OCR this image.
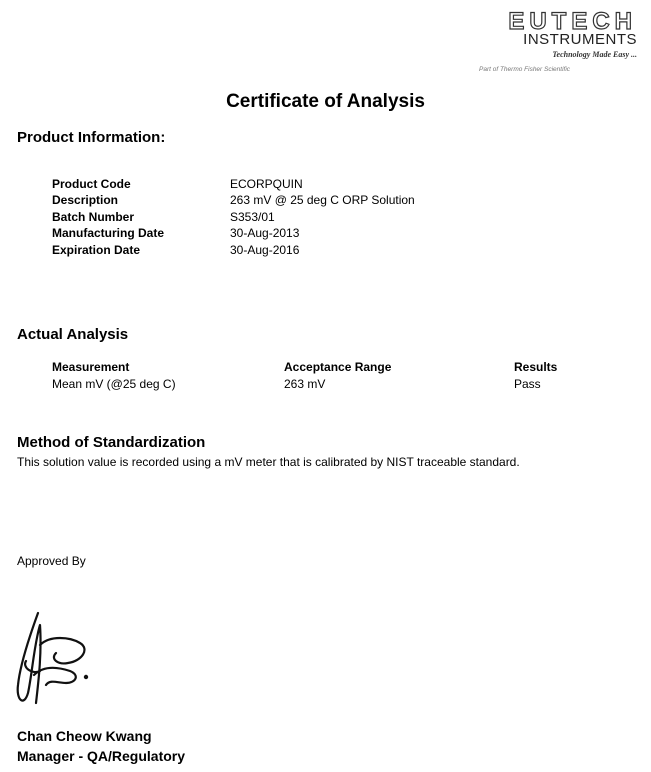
EUTECH
INSTRUMENTS
Technology Made Easy ...
Part of Thermo Fisher Scientific
Certificate of Analysis
Product Information:
Product Code	ECORPQUIN
Description	263 mV @ 25 deg C ORP Solution
Batch Number	S353/01
Manufacturing Date	30-Aug-2013
Expiration Date	30-Aug-2016
Actual Analysis
Measurement	Acceptance Range	Results
Mean mV (@25 deg C)	263 mV	Pass
Method of Standardization
This solution value is recorded using a mV meter that is calibrated by NIST traceable standard.
Approved By
Chan Cheow Kwang
Manager - QA/Regulatory
